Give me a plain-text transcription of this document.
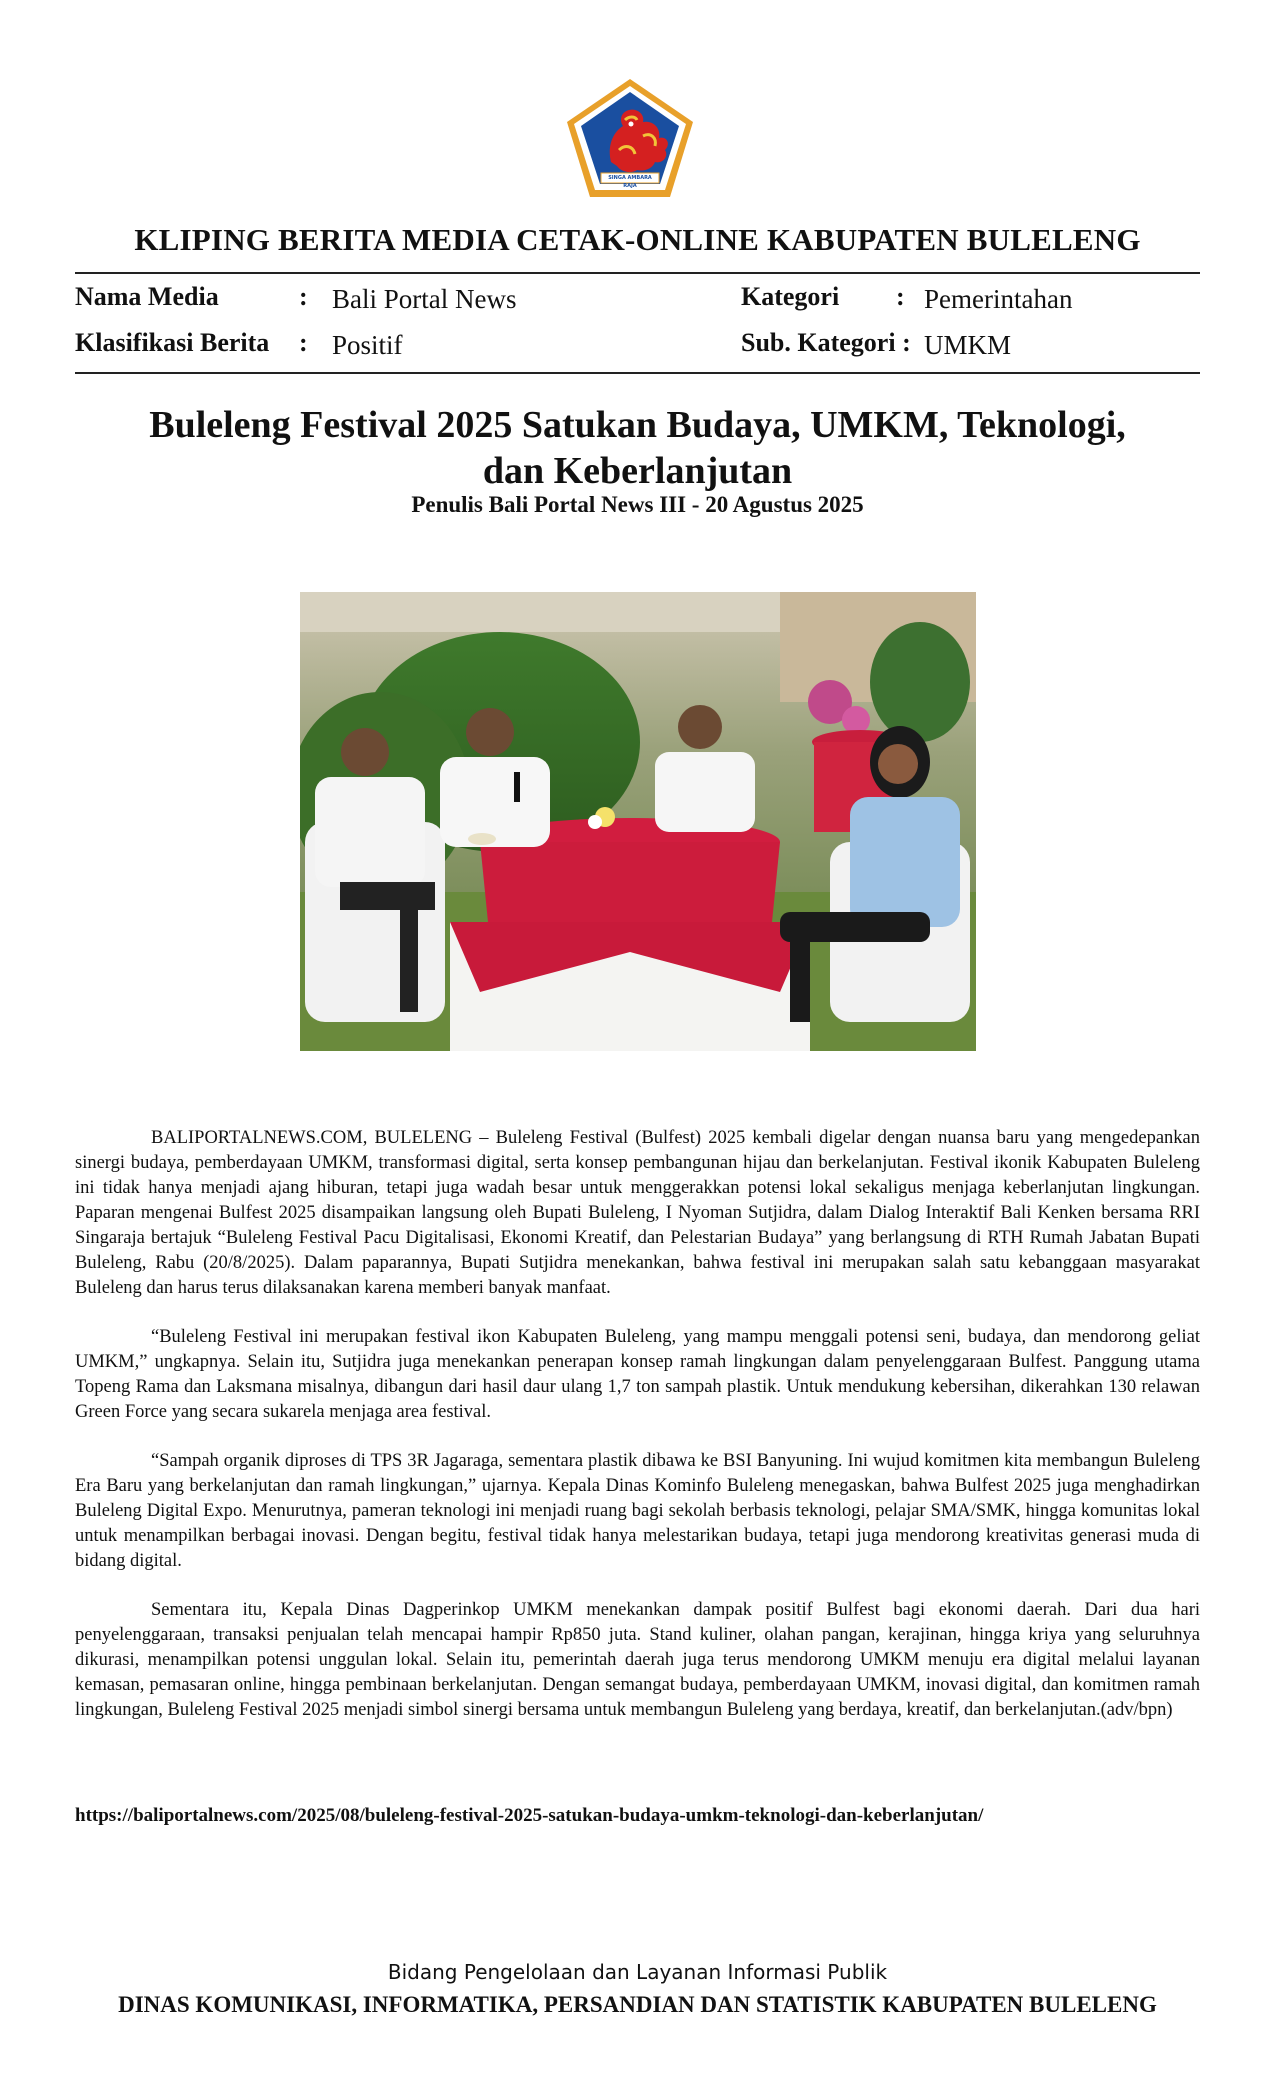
SINGA AMBARA RAJA
KLIPING BERITA MEDIA CETAK-ONLINE KABUPATEN BULELENG
Nama Media	: Bali Portal News
Klasifikasi Berita : Positif
Kategori : Pemerintahan
Sub. Kategori : UMKM
Buleleng Festival 2025 Satukan Budaya, UMKM, Teknologi,
dan Keberlanjutan
Penulis Bali Portal News III - 20 Agustus 2025

BALIPORTALNEWS.COM, BULELENG – Buleleng Festival (Bulfest) 2025 kembali digelar dengan nuansa baru yang mengedepankan sinergi budaya, pemberdayaan UMKM, transformasi digital, serta konsep pembangunan hijau dan berkelanjutan. Festival ikonik Kabupaten Buleleng ini tidak hanya menjadi ajang hiburan, tetapi juga wadah besar untuk menggerakkan potensi lokal sekaligus menjaga keberlanjutan lingkungan. Paparan mengenai Bulfest 2025 disampaikan langsung oleh Bupati Buleleng, I Nyoman Sutjidra, dalam Dialog Interaktif Bali Kenken bersama RRI Singaraja bertajuk “Buleleng Festival Pacu Digitalisasi, Ekonomi Kreatif, dan Pelestarian Budaya” yang berlangsung di RTH Rumah Jabatan Bupati Buleleng, Rabu (20/8/2025). Dalam paparannya, Bupati Sutjidra menekankan, bahwa festival ini merupakan salah satu kebanggaan masyarakat Buleleng dan harus terus dilaksanakan karena memberi banyak manfaat.

“Buleleng Festival ini merupakan festival ikon Kabupaten Buleleng, yang mampu menggali potensi seni, budaya, dan mendorong geliat UMKM,” ungkapnya. Selain itu, Sutjidra juga menekankan penerapan konsep ramah lingkungan dalam penyelenggaraan Bulfest. Panggung utama Topeng Rama dan Laksmana misalnya, dibangun dari hasil daur ulang 1,7 ton sampah plastik. Untuk mendukung kebersihan, dikerahkan 130 relawan Green Force yang secara sukarela menjaga area festival.

“Sampah organik diproses di TPS 3R Jagaraga, sementara plastik dibawa ke BSI Banyuning. Ini wujud komitmen kita membangun Buleleng Era Baru yang berkelanjutan dan ramah lingkungan,” ujarnya. Kepala Dinas Kominfo Buleleng menegaskan, bahwa Bulfest 2025 juga menghadirkan Buleleng Digital Expo. Menurutnya, pameran teknologi ini menjadi ruang bagi sekolah berbasis teknologi, pelajar SMA/SMK, hingga komunitas lokal untuk menampilkan berbagai inovasi. Dengan begitu, festival tidak hanya melestarikan budaya, tetapi juga mendorong kreativitas generasi muda di bidang digital.

Sementara itu, Kepala Dinas Dagperinkop UMKM menekankan dampak positif Bulfest bagi ekonomi daerah. Dari dua hari penyelenggaraan, transaksi penjualan telah mencapai hampir Rp850 juta. Stand kuliner, olahan pangan, kerajinan, hingga kriya yang seluruhnya dikurasi, menampilkan potensi unggulan lokal. Selain itu, pemerintah daerah juga terus mendorong UMKM menuju era digital melalui layanan kemasan, pemasaran online, hingga pembinaan berkelanjutan. Dengan semangat budaya, pemberdayaan UMKM, inovasi digital, dan komitmen ramah lingkungan, Buleleng Festival 2025 menjadi simbol sinergi bersama untuk membangun Buleleng yang berdaya, kreatif, dan berkelanjutan.(adv/bpn)

https://baliportalnews.com/2025/08/buleleng-festival-2025-satukan-budaya-umkm-teknologi-dan-keberlanjutan/
Bidang Pengelolaan dan Layanan Informasi Publik
DINAS KOMUNIKASI, INFORMATIKA, PERSANDIAN DAN STATISTIK KABUPATEN BULELENG
